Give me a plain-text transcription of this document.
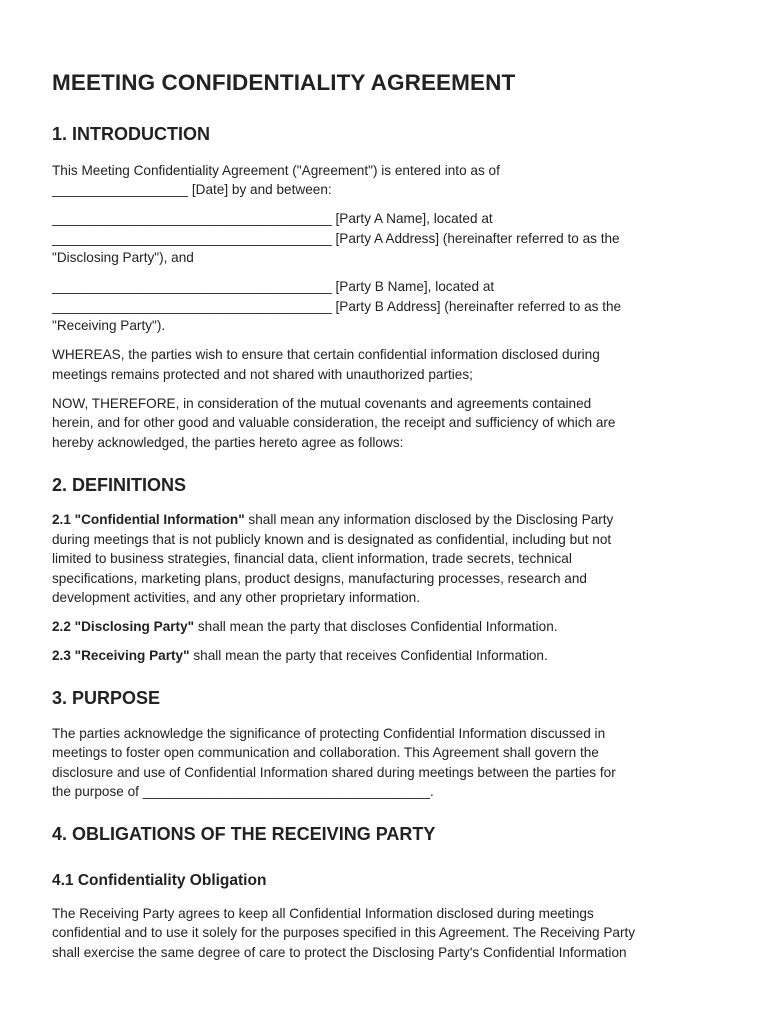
MEETING CONFIDENTIALITY AGREEMENT
1. INTRODUCTION

This Meeting Confidentiality Agreement ("Agreement") is entered into as of

__________________ [Date] by and between:

_____________________________________ [Party A Name], located at

_____________________________________ [Party A Address] (hereinafter referred to as the

"Disclosing Party"), and

_____________________________________ [Party B Name], located at

_____________________________________ [Party B Address] (hereinafter referred to as the

"Receiving Party").

WHEREAS, the parties wish to ensure that certain confidential information disclosed during

meetings remains protected and not shared with unauthorized parties;

NOW, THEREFORE, in consideration of the mutual covenants and agreements contained

herein, and for other good and valuable consideration, the receipt and sufficiency of which are

hereby acknowledged, the parties hereto agree as follows:

2. DEFINITIONS

2.1 "Confidential Information" shall mean any information disclosed by the Disclosing Party

during meetings that is not publicly known and is designated as confidential, including but not

limited to business strategies, financial data, client information, trade secrets, technical

specifications, marketing plans, product designs, manufacturing processes, research and

development activities, and any other proprietary information.

2.2 "Disclosing Party" shall mean the party that discloses Confidential Information.

2.3 "Receiving Party" shall mean the party that receives Confidential Information.

3. PURPOSE

The parties acknowledge the significance of protecting Confidential Information discussed in

meetings to foster open communication and collaboration. This Agreement shall govern the

disclosure and use of Confidential Information shared during meetings between the parties for

the purpose of ______________________________________.

4. OBLIGATIONS OF THE RECEIVING PARTY
4.1 Confidentiality Obligation

The Receiving Party agrees to keep all Confidential Information disclosed during meetings

confidential and to use it solely for the purposes specified in this Agreement. The Receiving Party

shall exercise the same degree of care to protect the Disclosing Party's Confidential Information
